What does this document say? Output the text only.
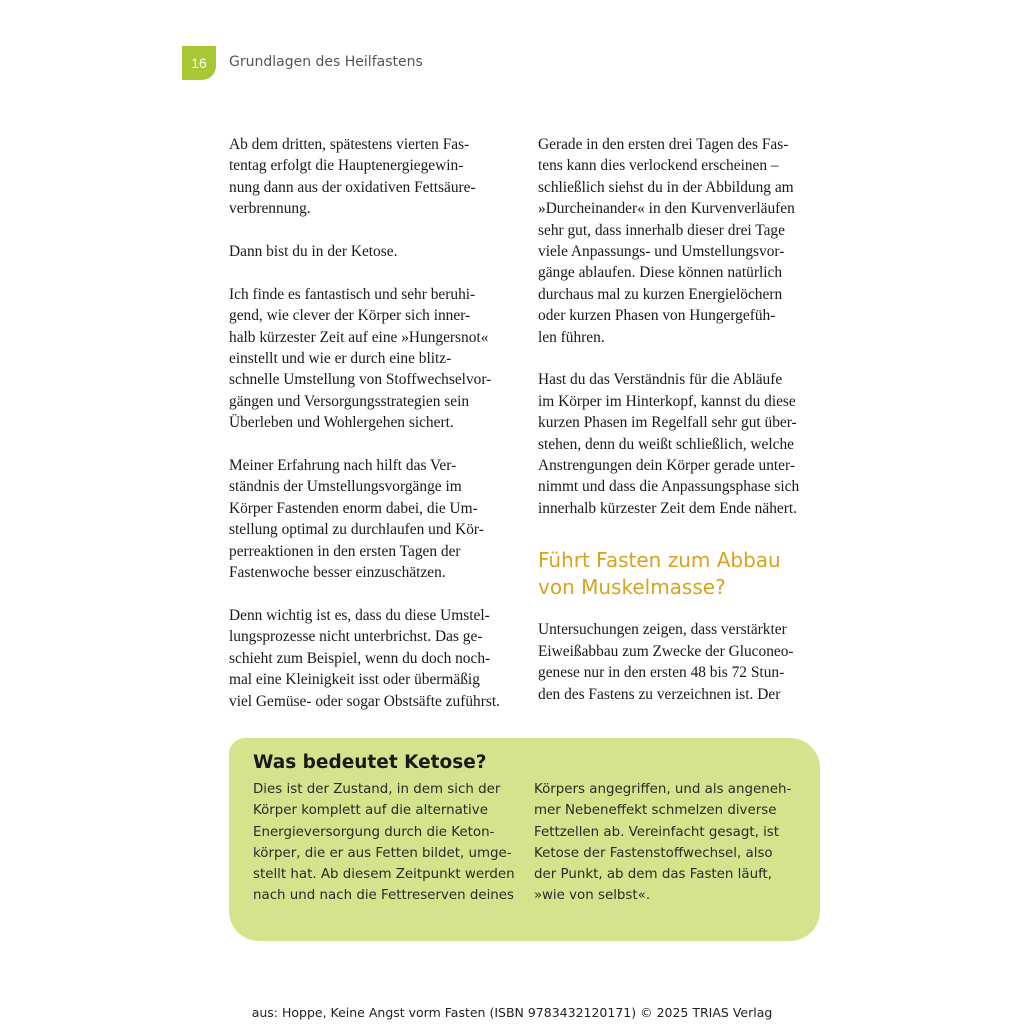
16	Grundlagen des Heilfastens

Ab dem dritten, spätestens vierten Fas-
tentag erfolgt die Hauptenergiegewin-
nung dann aus der oxidativen Fettsäure-
verbrennung.

Dann bist du in der Ketose.

Ich finde es fantastisch und sehr beruhi-
gend, wie clever der Körper sich inner-
halb kürzester Zeit auf eine »Hungersnot«
einstellt und wie er durch eine blitz-
schnelle Umstellung von Stoffwechselvor-
gängen und Versorgungsstrategien sein
Überleben und Wohlergehen sichert.

Meiner Erfahrung nach hilft das Ver-
ständnis der Umstellungsvorgänge im
Körper Fastenden enorm dabei, die Um-
stellung optimal zu durchlaufen und Kör-
perreaktionen in den ersten Tagen der
Fastenwoche besser einzuschätzen.

Denn wichtig ist es, dass du diese Umstel-
lungsprozesse nicht unterbrichst. Das ge-
schieht zum Beispiel, wenn du doch noch-
mal eine Kleinigkeit isst oder übermäßig
viel Gemüse- oder sogar Obstsäfte zuführst.

Gerade in den ersten drei Tagen des Fas-
tens kann dies verlockend erscheinen –
schließlich siehst du in der Abbildung am
»Durcheinander« in den Kurvenverläufen
sehr gut, dass innerhalb dieser drei Tage
viele Anpassungs- und Umstellungsvor-
gänge ablaufen. Diese können natürlich
durchaus mal zu kurzen Energielöchern
oder kurzen Phasen von Hungergefüh-
len führen.

Hast du das Verständnis für die Abläufe
im Körper im Hinterkopf, kannst du diese
kurzen Phasen im Regelfall sehr gut über-
stehen, denn du weißt schließlich, welche
Anstrengungen dein Körper gerade unter-
nimmt und dass die Anpassungsphase sich
innerhalb kürzester Zeit dem Ende nähert.

Führt Fasten zum Abbau
von Muskelmasse?

Untersuchungen zeigen, dass verstärkter
Eiweißabbau zum Zwecke der Gluconeo-
genese nur in den ersten 48 bis 72 Stun-
den des Fastens zu verzeichnen ist. Der

Was bedeutet Ketose?
Dies ist der Zustand, in dem sich der
Körper komplett auf die alternative
Energieversorgung durch die Keton-
körper, die er aus Fetten bildet, umge-
stellt hat. Ab diesem Zeitpunkt werden
nach und nach die Fettreserven deines
Körpers angegriffen, und als angeneh-
mer Nebeneffekt schmelzen diverse
Fettzellen ab. Vereinfacht gesagt, ist
Ketose der Fastenstoffwechsel, also
der Punkt, ab dem das Fasten läuft,
»wie von selbst«.
aus: Hoppe, Keine Angst vorm Fasten (ISBN 9783432120171) © 2025 TRIAS Verlag
